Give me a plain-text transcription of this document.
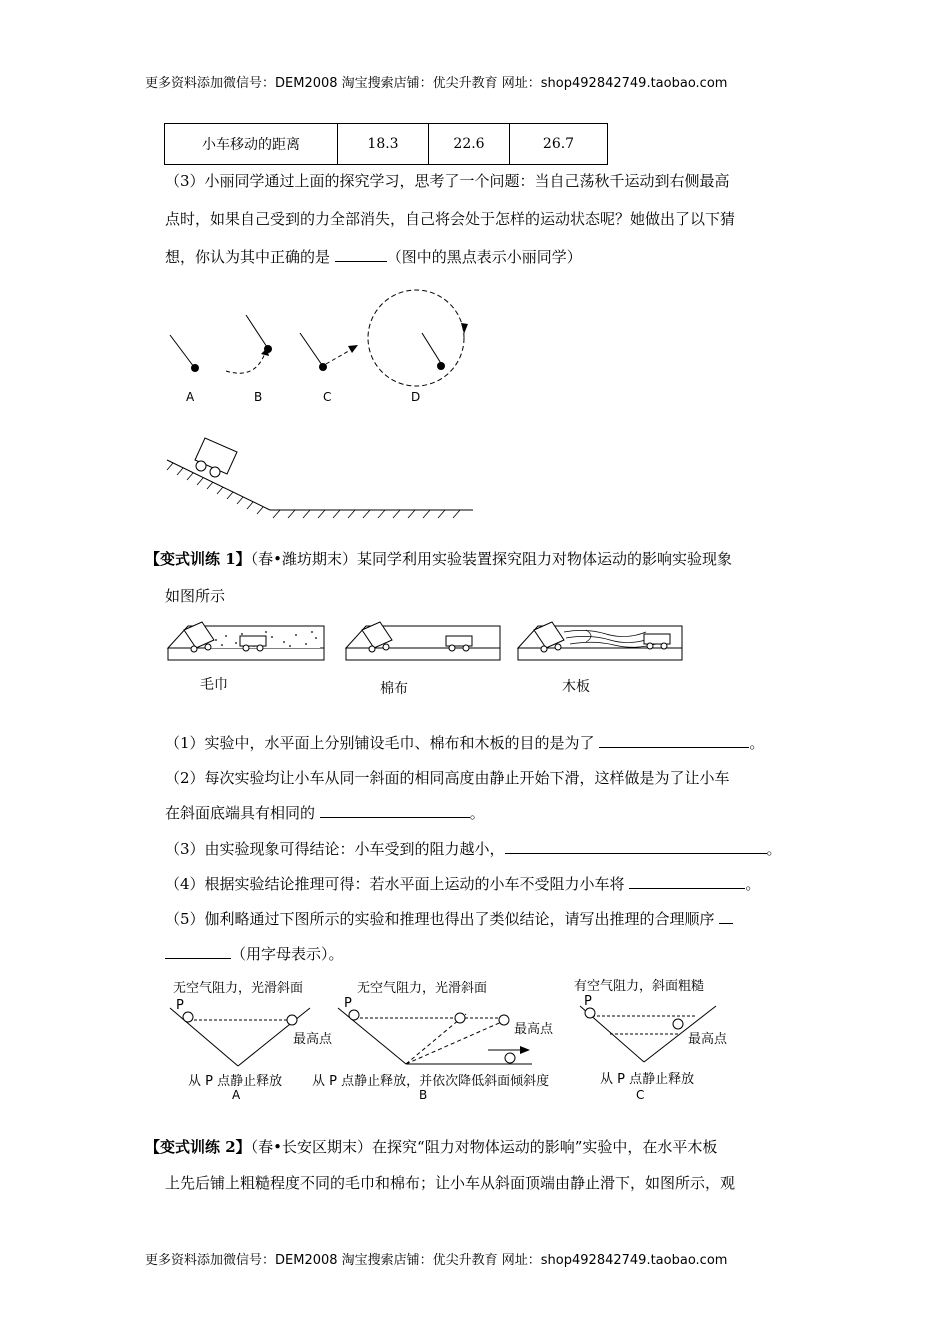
更多资料添加微信号：DEM2008 淘宝搜索店铺：优尖升教育 网址：shop492842749.taobao.com
小车移动的距离	18.3	22.6	26.7
（3）小丽同学通过上面的探究学习，思考了一个问题：当自己荡秋千运动到右侧最高
点时，如果自己受到的力全部消失，自己将会处于怎样的运动状态呢？她做出了以下猜
想，你认为其中正确的是	（图中的黑点表示小丽同学）
A	B	C	D
【变式训练 1】（春•潍坊期末）某同学利用实验装置探究阻力对物体运动的影响实验现象
如图所示
毛巾	棉布	木板
（1）实验中，水平面上分别铺设毛巾、棉布和木板的目的是为了	。
（2）每次实验均让小车从同一斜面的相同高度由静止开始下滑，这样做是为了让小车
在斜面底端具有相同的	。
（3）由实验现象可得结论：小车受到的阻力越小，	。
（4）根据实验结论推理可得：若水平面上运动的小车不受阻力小车将	。
（5）伽利略通过下图所示的实验和推理也得出了类似结论，请写出推理的合理顺序
（用字母表示）。
无空气阻力，光滑斜面
P
最高点
从 P 点静止释放
A
无空气阻力，光滑斜面
P
最高点
从 P 点静止释放，并依次降低斜面倾斜度
B
有空气阻力，斜面粗糙
P
最高点
从 P 点静止释放
C
【变式训练 2】（春•长安区期末）在探究“阻力对物体运动的影响”实验中，在水平木板
上先后铺上粗糙程度不同的毛巾和棉布；让小车从斜面顶端由静止滑下，如图所示，观
更多资料添加微信号：DEM2008 淘宝搜索店铺：优尖升教育 网址：shop492842749.taobao.com
